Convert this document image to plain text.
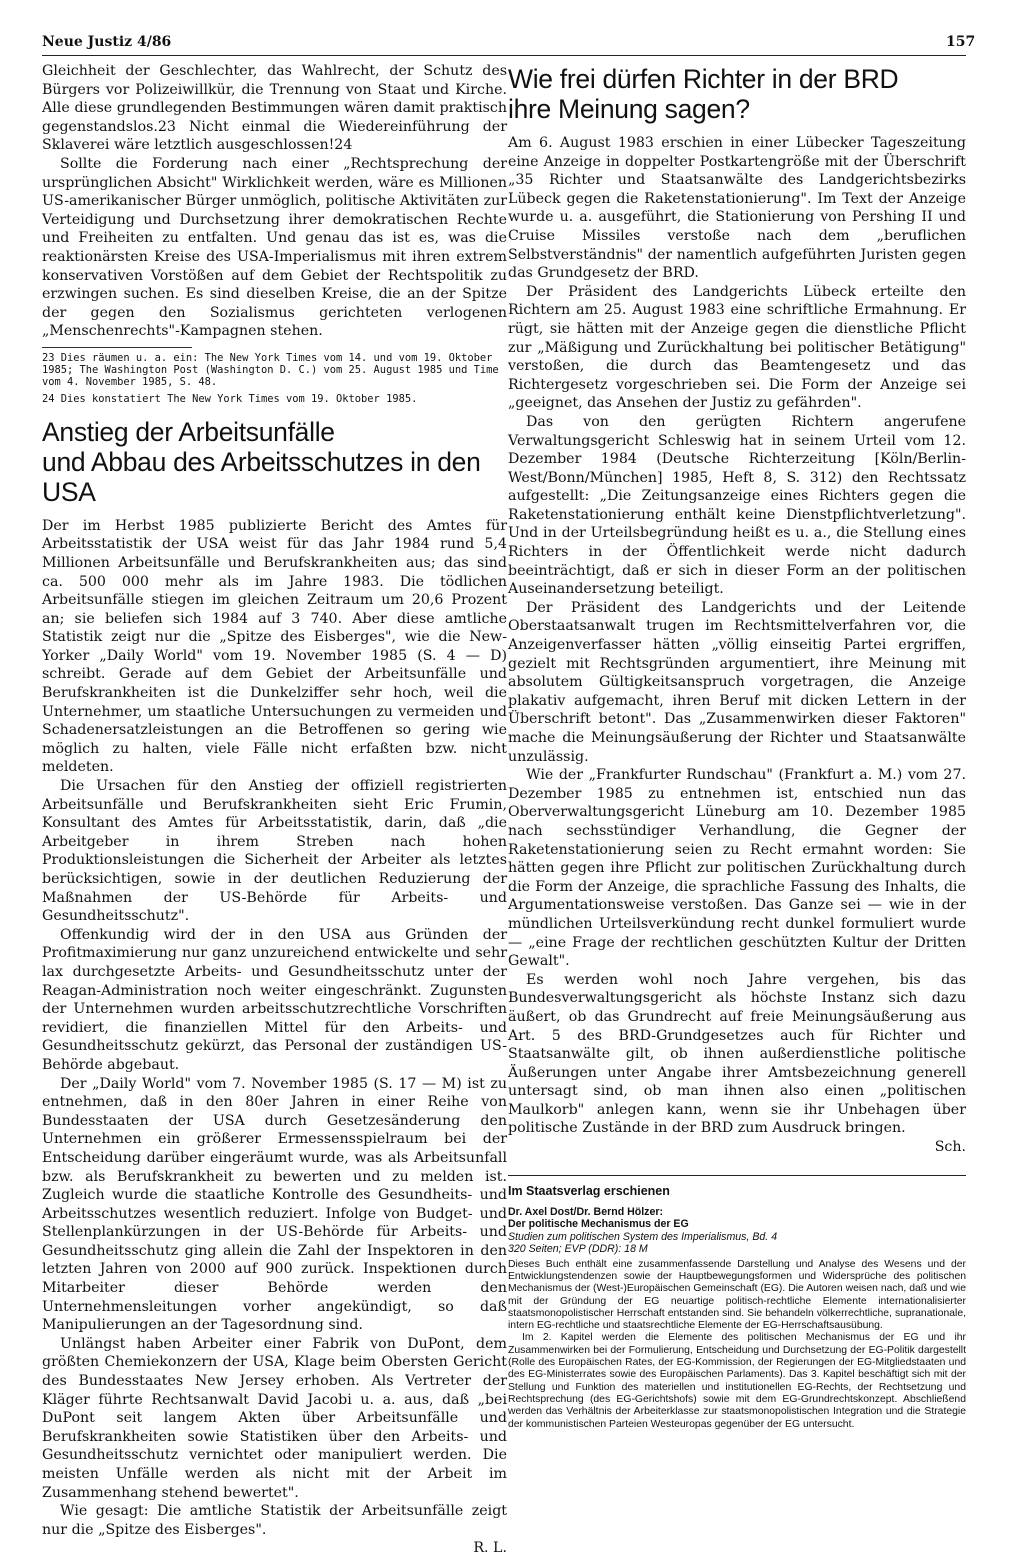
Neue Justiz 4/86	157

Gleichheit der Geschlechter, das Wahlrecht, der Schutz des Bürgers vor Polizeiwillkür, die Trennung von Staat und Kirche. Alle diese grundlegenden Bestimmungen wären damit praktisch gegenstandslos.23 Nicht einmal die Wiedereinführung der Sklaverei wäre letztlich ausgeschlossen!24

Sollte die Forderung nach einer „Rechtsprechung der ursprünglichen Absicht" Wirklichkeit werden, wäre es Millionen US-amerikanischer Bürger unmöglich, politische Aktivitäten zur Verteidigung und Durchsetzung ihrer demokratischen Rechte und Freiheiten zu entfalten. Und genau das ist es, was die reaktionärsten Kreise des USA-Imperialismus mit ihren extrem konservativen Vorstößen auf dem Gebiet der Rechtspolitik zu erzwingen suchen. Es sind dieselben Kreise, die an der Spitze der gegen den Sozialismus gerichteten verlogenen „Menschenrechts"-Kampagnen stehen.

23 Dies räumen u. a. ein: The New York Times vom 14. und vom 19. Oktober 1985; The Washington Post (Washington D. C.) vom 25. August 1985 und Time vom 4. November 1985, S. 48.

24 Dies konstatiert The New York Times vom 19. Oktober 1985.

Anstieg der Arbeitsunfälle
und Abbau des Arbeitsschutzes in den USA

Der im Herbst 1985 publizierte Bericht des Amtes für Arbeitsstatistik der USA weist für das Jahr 1984 rund 5,4 Millionen Arbeitsunfälle und Berufskrankheiten aus; das sind ca. 500 000 mehr als im Jahre 1983. Die tödlichen Arbeitsunfälle stiegen im gleichen Zeitraum um 20,6 Prozent an; sie beliefen sich 1984 auf 3 740. Aber diese amtliche Statistik zeigt nur die „Spitze des Eisberges", wie die New-Yorker „Daily World" vom 19. November 1985 (S. 4 — D) schreibt. Gerade auf dem Gebiet der Arbeitsunfälle und Berufskrankheiten ist die Dunkelziffer sehr hoch, weil die Unternehmer, um staatliche Untersuchungen zu vermeiden und Schadenersatzleistungen an die Betroffenen so gering wie möglich zu halten, viele Fälle nicht erfaßten bzw. nicht meldeten.

Die Ursachen für den Anstieg der offiziell registrierten Arbeitsunfälle und Berufskrankheiten sieht Eric Frumin, Konsultant des Amtes für Arbeitsstatistik, darin, daß „die Arbeitgeber in ihrem Streben nach hohen Produktionsleistungen die Sicherheit der Arbeiter als letztes berücksichtigen, sowie in der deutlichen Reduzierung der Maßnahmen der US-Behörde für Arbeits- und Gesundheitsschutz".

Offenkundig wird der in den USA aus Gründen der Profitmaximierung nur ganz unzureichend entwickelte und sehr lax durchgesetzte Arbeits- und Gesundheitsschutz unter der Reagan-Administration noch weiter eingeschränkt. Zugunsten der Unternehmen wurden arbeitsschutzrechtliche Vorschriften revidiert, die finanziellen Mittel für den Arbeits- und Gesundheitsschutz gekürzt, das Personal der zuständigen US-Behörde abgebaut.

Der „Daily World" vom 7. November 1985 (S. 17 — M) ist zu entnehmen, daß in den 80er Jahren in einer Reihe von Bundesstaaten der USA durch Gesetzesänderung den Unternehmen ein größerer Ermessensspielraum bei der Entscheidung darüber eingeräumt wurde, was als Arbeitsunfall bzw. als Berufskrankheit zu bewerten und zu melden ist. Zugleich wurde die staatliche Kontrolle des Gesundheits- und Arbeitsschutzes wesentlich reduziert. Infolge von Budget- und Stellenplankürzungen in der US-Behörde für Arbeits- und Gesundheitsschutz ging allein die Zahl der Inspektoren in den letzten Jahren von 2000 auf 900 zurück. Inspektionen durch Mitarbeiter dieser Behörde werden den Unternehmensleitungen vorher angekündigt, so daß Manipulierungen an der Tagesordnung sind.

Unlängst haben Arbeiter einer Fabrik von DuPont, dem größten Chemiekonzern der USA, Klage beim Obersten Gericht des Bundesstaates New Jersey erhoben. Als Vertreter der Kläger führte Rechtsanwalt David Jacobi u. a. aus, daß „bei DuPont seit langem Akten über Arbeitsunfälle und Berufskrankheiten sowie Statistiken über den Arbeits- und Gesundheitsschutz vernichtet oder manipuliert werden. Die meisten Unfälle werden als nicht mit der Arbeit im Zusammenhang stehend bewertet".

Wie gesagt: Die amtliche Statistik der Arbeitsunfälle zeigt nur die „Spitze des Eisberges".

R. L.
Wie frei dürfen Richter in der BRD
ihre Meinung sagen?

Am 6. August 1983 erschien in einer Lübecker Tageszeitung eine Anzeige in doppelter Postkartengröße mit der Überschrift „35 Richter und Staatsanwälte des Landgerichtsbezirks Lübeck gegen die Raketenstationierung". Im Text der Anzeige wurde u. a. ausgeführt, die Stationierung von Pershing II und Cruise Missiles verstoße nach dem „beruflichen Selbstverständnis" der namentlich aufgeführten Juristen gegen das Grundgesetz der BRD.

Der Präsident des Landgerichts Lübeck erteilte den Richtern am 25. August 1983 eine schriftliche Ermahnung. Er rügt, sie hätten mit der Anzeige gegen die dienstliche Pflicht zur „Mäßigung und Zurückhaltung bei politischer Betätigung" verstoßen, die durch das Beamtengesetz und das Richtergesetz vorgeschrieben sei. Die Form der Anzeige sei „geeignet, das Ansehen der Justiz zu gefährden".

Das von den gerügten Richtern angerufene Verwaltungsgericht Schleswig hat in seinem Urteil vom 12. Dezember 1984 (Deutsche Richterzeitung [Köln/Berlin-West/Bonn/München] 1985, Heft 8, S. 312) den Rechtssatz aufgestellt: „Die Zeitungsanzeige eines Richters gegen die Raketenstationierung enthält keine Dienstpflichtverletzung". Und in der Urteilsbegründung heißt es u. a., die Stellung eines Richters in der Öffentlichkeit werde nicht dadurch beeinträchtigt, daß er sich in dieser Form an der politischen Auseinandersetzung beteiligt.

Der Präsident des Landgerichts und der Leitende Oberstaatsanwalt trugen im Rechtsmittelverfahren vor, die Anzeigenverfasser hätten „völlig einseitig Partei ergriffen, gezielt mit Rechtsgründen argumentiert, ihre Meinung mit absolutem Gültigkeitsanspruch vorgetragen, die Anzeige plakativ aufgemacht, ihren Beruf mit dicken Lettern in der Überschrift betont". Das „Zusammenwirken dieser Faktoren" mache die Meinungsäußerung der Richter und Staatsanwälte unzulässig.

Wie der „Frankfurter Rundschau" (Frankfurt a. M.) vom 27. Dezember 1985 zu entnehmen ist, entschied nun das Oberverwaltungsgericht Lüneburg am 10. Dezember 1985 nach sechsstündiger Verhandlung, die Gegner der Raketenstationierung seien zu Recht ermahnt worden: Sie hätten gegen ihre Pflicht zur politischen Zurückhaltung durch die Form der Anzeige, die sprachliche Fassung des Inhalts, die Argumentationsweise verstoßen. Das Ganze sei — wie in der mündlichen Urteilsverkündung recht dunkel formuliert wurde — „eine Frage der rechtlichen geschützten Kultur der Dritten Gewalt".

Es werden wohl noch Jahre vergehen, bis das Bundesverwaltungsgericht als höchste Instanz sich dazu äußert, ob das Grundrecht auf freie Meinungsäußerung aus Art. 5 des BRD-Grundgesetzes auch für Richter und Staatsanwälte gilt, ob ihnen außerdienstliche politische Äußerungen unter Angabe ihrer Amtsbezeichnung generell untersagt sind, ob man ihnen also einen „politischen Maulkorb" anlegen kann, wenn sie ihr Unbehagen über politische Zustände in der BRD zum Ausdruck bringen.

Sch.

Im Staatsverlag erschienen

Dr. Axel Dost/Dr. Bernd Hölzer:

Der politische Mechanismus der EG

Studien zum politischen System des Imperialismus, Bd. 4
320 Seiten; EVP (DDR): 18 M

Dieses Buch enthält eine zusammenfassende Darstellung und Analyse des Wesens und der Entwicklungstendenzen sowie der Hauptbewegungsformen und Widersprüche des politischen Mechanismus der (West-)Europäischen Gemeinschaft (EG). Die Autoren weisen nach, daß und wie mit der Gründung der EG neuartige politisch-rechtliche Elemente internationalisierter staatsmonopolistischer Herrschaft entstanden sind. Sie behandeln völkerrechtliche, supranationale, intern EG-rechtliche und staatsrechtliche Elemente der EG-Herrschaftsausübung.

Im 2. Kapitel werden die Elemente des politischen Mechanismus der EG und ihr Zusammenwirken bei der Formulierung, Entscheidung und Durchsetzung der EG-Politik dargestellt (Rolle des Europäischen Rates, der EG-Kommission, der Regierungen der EG-Mitgliedstaaten und des EG-Ministerrates sowie des Europäischen Parlaments). Das 3. Kapitel beschäftigt sich mit der Stellung und Funktion des materiellen und institutionellen EG-Rechts, der Rechtsetzung und Rechtsprechung (des EG-Gerichtshofs) sowie mit dem EG-Grundrechtskonzept. Abschließend werden das Verhältnis der Arbeiterklasse zur staatsmonopolistischen Integration und die Strategie der kommunistischen Parteien Westeuropas gegenüber der EG untersucht.
